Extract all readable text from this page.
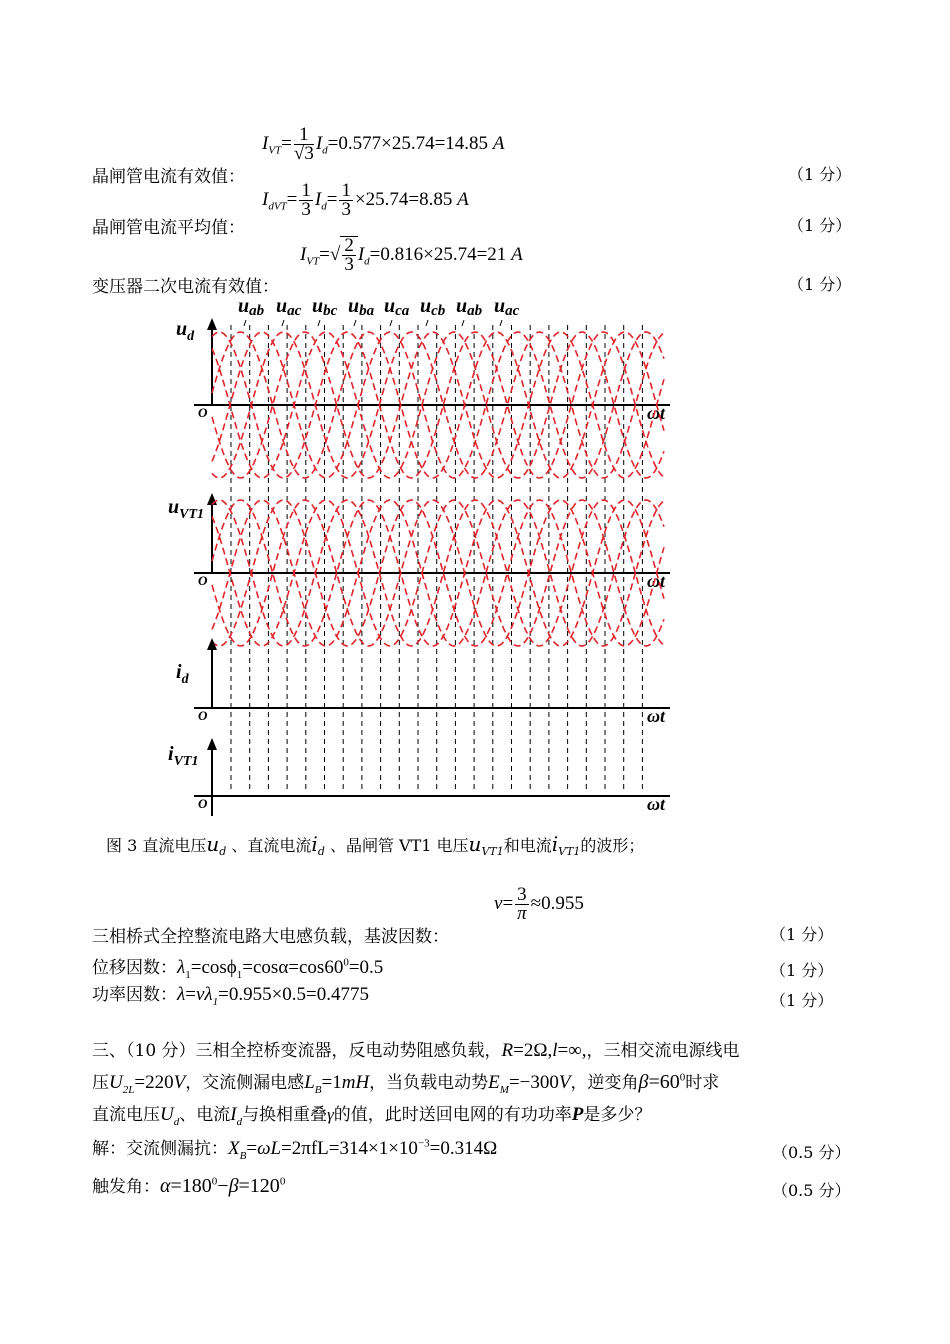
$I_{VT}= \frac{1}{√3} I_d=0.577\times 25.74=14.85$ A
晶闸管电流有效值：	（1 分）
$I_{dVT}= \frac{1}{3} I_d= \frac{1}{3} \times 25.74=8.85$ A
晶闸管电流平均值：	（1 分）
$I_{VT}=√ \frac{2}{3} I_d=0.816\times 25.74=21$ A
变压器二次电流有效值：	（1 分）
O	ωt
$u_d$
O	ωt
$u_{VT1}$
O	ωt
$i_d$
O	ωt
$i_{VT1}$
uab uac ubc uba uca ucb uab uac
图 3 直流电压$u_d$ 、直流电流$i_d$ 、晶闸管 VT1 电压$u_{VT1}$和电流$i_{VT1}$的波形；
$\nu= \frac{3}{\pi} \approx 0.955$
三相桥式全控整流电路大电感负载，基波因数：	（1 分）
位移因数：$\lambda_1=\cos\phi_1=\cos\alpha=\cos 60^0=0.5$	（1 分）
功率因数：$\lambda=\nu\lambda_1=0.955\times 0.5=0.4775$	（1 分）
三、（10 分）三相全控桥变流器，反电动势阻感负载，R=2Ω,l=∞,，三相交流电源线电
压$U_{2L}=220V$，交流侧漏电感$L_B=1mH$，当负载电动势$E_M=-300V$，逆变角$\beta=60^0$时求
直流电压$U_d$、电流$I_d$与换相重叠γ的值，此时送回电网的有功功率P是多少？
解：交流侧漏抗：$X_B=\omega L=2\pi fL=314\times 1\times 10^{-3}=0.314\Omega$	（0.5 分）
触发角：$\alpha=180^0-\beta=120^0$	（0.5 分）
